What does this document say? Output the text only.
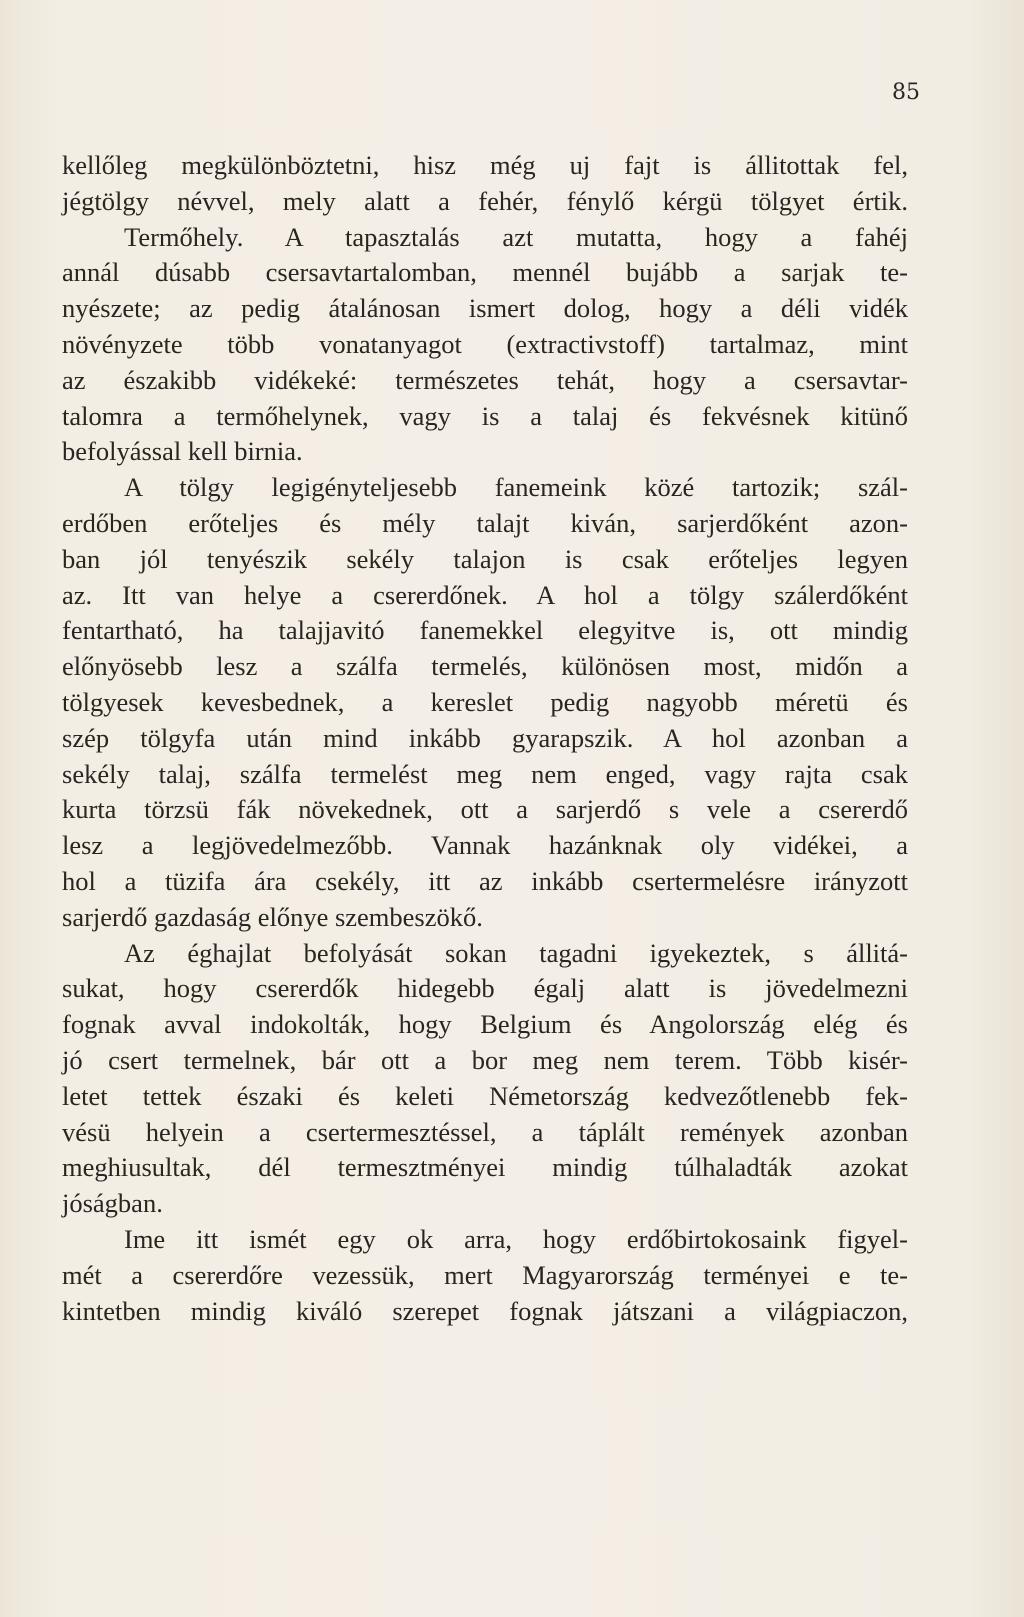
85
kellőleg megkülönböztetni, hisz még uj fajt is állitottak fel,
jégtölgy névvel, mely alatt a fehér, fénylő kérgü tölgyet értik.
Termőhely. A tapasztalás azt mutatta, hogy a fahéj
annál dúsabb csersavtartalomban, mennél bujább a sarjak te-
nyészete; az pedig átalánosan ismert dolog, hogy a déli vidék
növényzete több vonatanyagot (extractivstoff) tartalmaz, mint
az északibb vidékeké: természetes tehát, hogy a csersavtar-
talomra a termőhelynek, vagy is a talaj és fekvésnek kitünő
befolyással kell birnia.
A tölgy legigényteljesebb fanemeink közé tartozik; szál-
erdőben erőteljes és mély talajt kiván, sarjerdőként azon-
ban jól tenyészik sekély talajon is csak erőteljes legyen
az. Itt van helye a csererdőnek. A hol a tölgy szálerdőként
fentartható, ha talajjavitó fanemekkel elegyitve is, ott mindig
előnyösebb lesz a szálfa termelés, különösen most, midőn a
tölgyesek kevesbednek, a kereslet pedig nagyobb méretü és
szép tölgyfa után mind inkább gyarapszik. A hol azonban a
sekély talaj, szálfa termelést meg nem enged, vagy rajta csak
kurta törzsü fák növekednek, ott a sarjerdő s vele a csererdő
lesz a legjövedelmezőbb. Vannak hazánknak oly vidékei, a
hol a tüzifa ára csekély, itt az inkább csertermelésre irányzott
sarjerdő gazdaság előnye szembeszökő.
Az éghajlat befolyását sokan tagadni igyekeztek, s állitá-
sukat, hogy csererdők hidegebb égalj alatt is jövedelmezni
fognak avval indokolták, hogy Belgium és Angolország elég és
jó csert termelnek, bár ott a bor meg nem terem. Több kisér-
letet tettek északi és keleti Németország kedvezőtlenebb fek-
vésü helyein a csertermesztéssel, a táplált remények azonban
meghiusultak, dél termesztményei mindig túlhaladták azokat
jóságban.
Ime itt ismét egy ok arra, hogy erdőbirtokosaink figyel-
mét a csererdőre vezessük, mert Magyarország terményei e te-
kintetben mindig kiváló szerepet fognak játszani a világpiaczon,
